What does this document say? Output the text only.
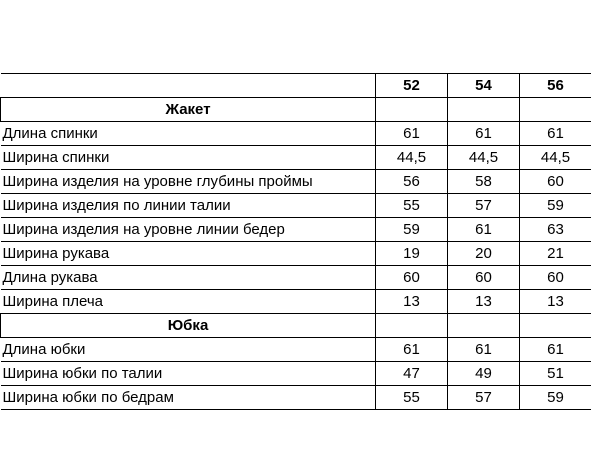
	52	54	56
Жакет			
Длина спинки	61	61	61
Ширина спинки	44,5	44,5	44,5
Ширина изделия на уровне глубины проймы	56	58	60
Ширина изделия по линии талии	55	57	59
Ширина изделия на уровне линии бедер	59	61	63
Ширина рукава	19	20	21
Длина рукава	60	60	60
Ширина плеча	13	13	13
Юбка			
Длина юбки	61	61	61
Ширина юбки по талии	47	49	51
Ширина юбки по бедрам	55	57	59
